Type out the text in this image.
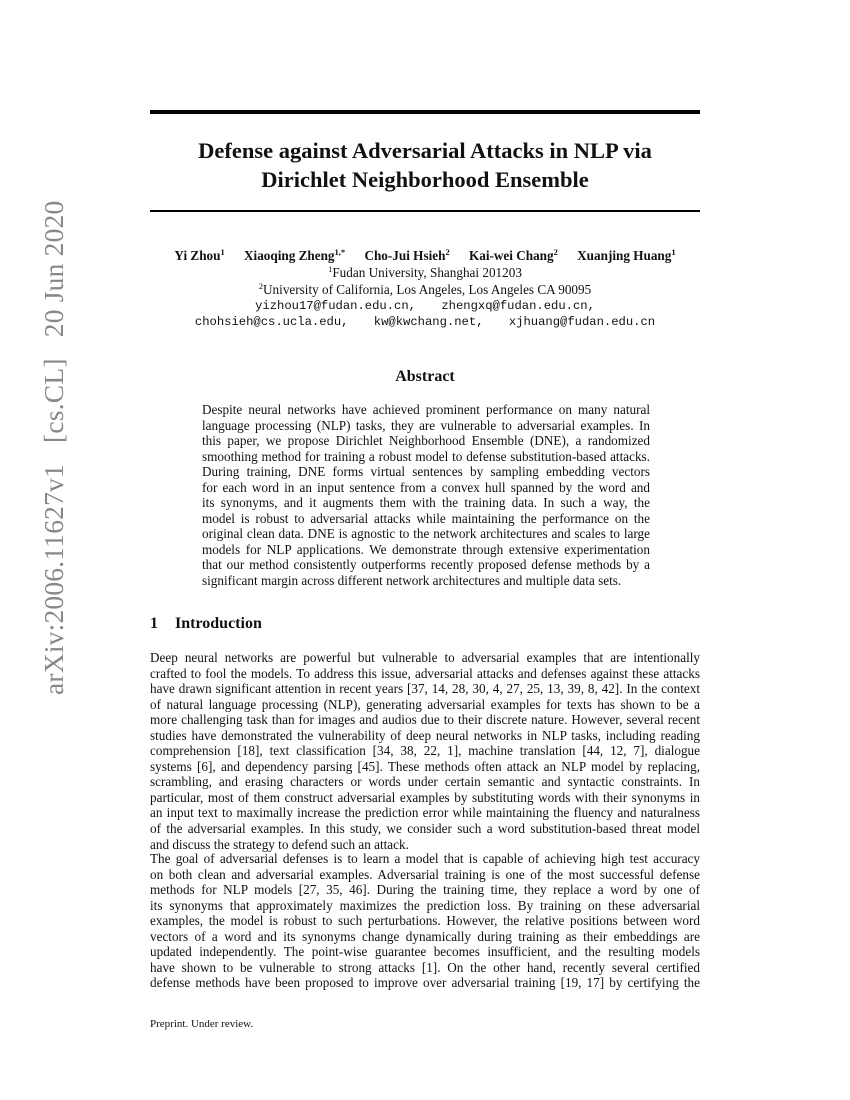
arXiv:2006.11627v1 [cs.CL] 20 Jun 2020
Defense against Adversarial Attacks in NLP via
Dirichlet Neighborhood Ensemble
Yi Zhou$^1$ Xiaoqing Zheng$^{1,*}$ Cho-Jui Hsieh$^2$ Kai-wei Chang$^2$ Xuanjing Huang$^1$
$^1$Fudan University, Shanghai 201203
$^2$University of California, Los Angeles, Los Angeles CA 90095
yizhou17@fudan.edu.cn, zhengxq@fudan.edu.cn,
chohsieh@cs.ucla.edu, kw@kwchang.net, xjhuang@fudan.edu.cn
Abstract
Despite neural networks have achieved prominent performance on many natural
language processing (NLP) tasks, they are vulnerable to adversarial examples. In
this paper, we propose Dirichlet Neighborhood Ensemble (DNE), a randomized
smoothing method for training a robust model to defense substitution-based attacks.
During training, DNE forms virtual sentences by sampling embedding vectors
for each word in an input sentence from a convex hull spanned by the word and
its synonyms, and it augments them with the training data. In such a way, the
model is robust to adversarial attacks while maintaining the performance on the
original clean data. DNE is agnostic to the network architectures and scales to large
models for NLP applications. We demonstrate through extensive experimentation
that our method consistently outperforms recently proposed defense methods by a
significant margin across different network architectures and multiple data sets.
1 Introduction
Deep neural networks are powerful but vulnerable to adversarial examples that are intentionally
crafted to fool the models. To address this issue, adversarial attacks and defenses against these attacks
have drawn significant attention in recent years [37, 14, 28, 30, 4, 27, 25, 13, 39, 8, 42]. In the context
of natural language processing (NLP), generating adversarial examples for texts has shown to be a
more challenging task than for images and audios due to their discrete nature. However, several recent
studies have demonstrated the vulnerability of deep neural networks in NLP tasks, including reading
comprehension [18], text classification [34, 38, 22, 1], machine translation [44, 12, 7], dialogue
systems [6], and dependency parsing [45]. These methods often attack an NLP model by replacing,
scrambling, and erasing characters or words under certain semantic and syntactic constraints. In
particular, most of them construct adversarial examples by substituting words with their synonyms in
an input text to maximally increase the prediction error while maintaining the fluency and naturalness
of the adversarial examples. In this study, we consider such a word substitution-based threat model
and discuss the strategy to defend such an attack.
The goal of adversarial defenses is to learn a model that is capable of achieving high test accuracy
on both clean and adversarial examples. Adversarial training is one of the most successful defense
methods for NLP models [27, 35, 46]. During the training time, they replace a word by one of
its synonyms that approximately maximizes the prediction loss. By training on these adversarial
examples, the model is robust to such perturbations. However, the relative positions between word
vectors of a word and its synonyms change dynamically during training as their embeddings are
updated independently. The point-wise guarantee becomes insufficient, and the resulting models
have shown to be vulnerable to strong attacks [1]. On the other hand, recently several certified
defense methods have been proposed to improve over adversarial training [19, 17] by certifying the
Preprint. Under review.
